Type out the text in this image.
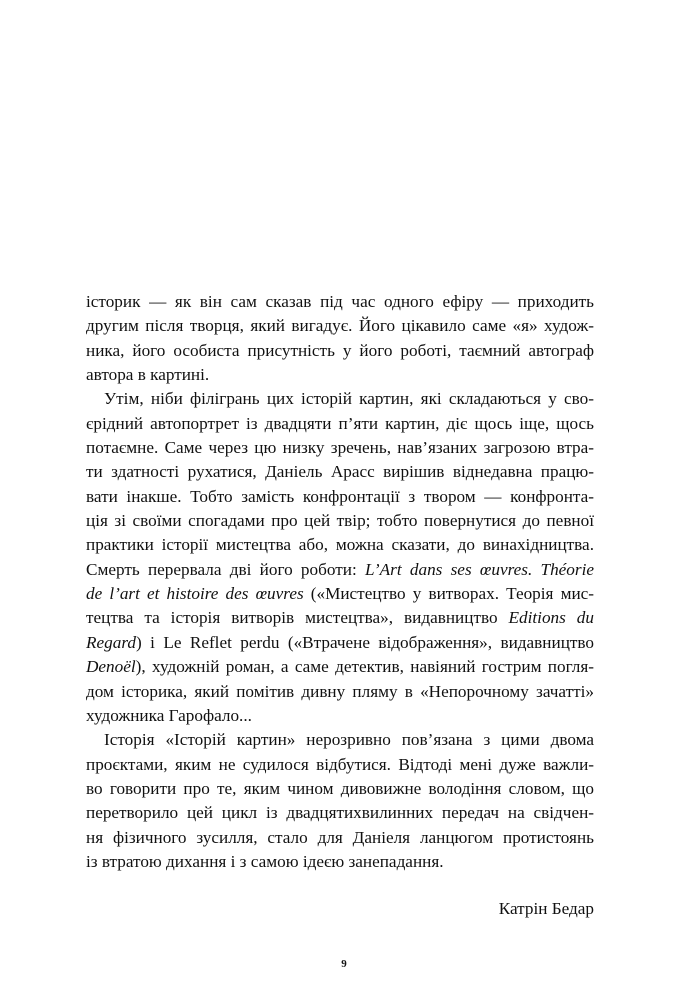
історик — як він сам сказав під час одного ефіру — приходить
другим після творця, який вигадує. Його цікавило саме «я» худож-
ника, його особиста присутність у його роботі, таємний автограф
автора в картині.
Утім, ніби філігрань цих історій картин, які складаються у сво-
єрідний автопортрет із двадцяти п’яти картин, діє щось іще, щось
потаємне. Саме через цю низку зречень, нав’язаних загрозою втра-
ти здатності рухатися, Даніель Арасс вирішив віднедавна працю-
вати інакше. Тобто замість конфронтації з твором — конфронта-
ція зі своїми спогадами про цей твір; тобто повернутися до певної
практики історії мистецтва або, можна сказати, до винахідництва.
Смерть перервала дві його роботи: L’Art dans ses œuvres. Théorie
de l’art et histoire des œuvres («Мистецтво у витворах. Теорія мис-
тецтва та історія витворів мистецтва», видавництво Editions du
Regard) і Le Reflet perdu («Втрачене відображення», видавництво
Denoël), художній роман, а саме детектив, навіяний гострим погля-
дом історика, який помітив дивну пляму в «Непорочному зачатті»
художника Гарофало...
Історія «Історій картин» нерозривно пов’язана з цими двома
проєктами, яким не судилося відбутися. Відтоді мені дуже важли-
во говорити про те, яким чином дивовижне володіння словом, що
перетворило цей цикл із двадцятихвилинних передач на свідчен-
ня фізичного зусилля, стало для Даніеля ланцюгом протистоянь
із втратою дихання і з самою ідеєю занепадання.
Катрін Бедар
9
